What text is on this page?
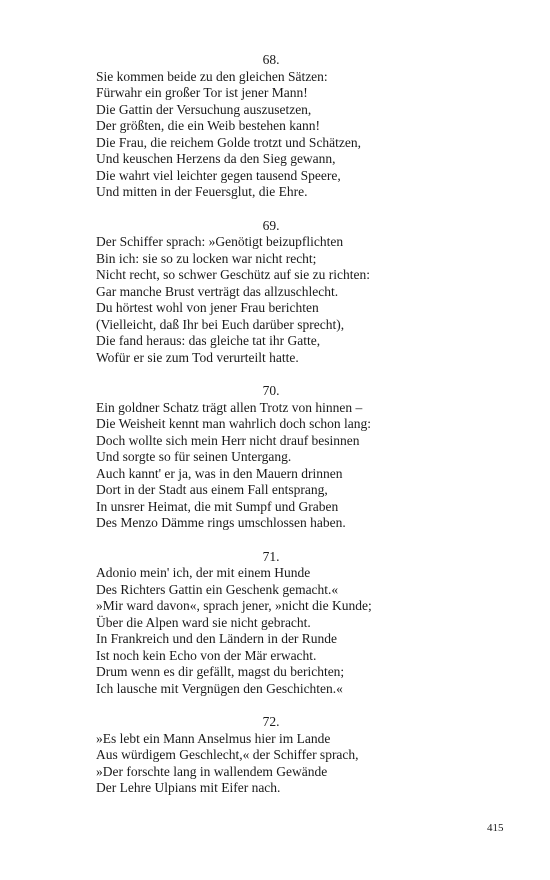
68.
Sie kommen beide zu den gleichen Sätzen:
Fürwahr ein großer Tor ist jener Mann!
Die Gattin der Versuchung auszusetzen,
Der größten, die ein Weib bestehen kann!
Die Frau, die reichem Golde trotzt und Schätzen,
Und keuschen Herzens da den Sieg gewann,
Die wahrt viel leichter gegen tausend Speere,
Und mitten in der Feuersglut, die Ehre.
69.
Der Schiffer sprach: »Genötigt beizupflichten
Bin ich: sie so zu locken war nicht recht;
Nicht recht, so schwer Geschütz auf sie zu richten:
Gar manche Brust verträgt das allzuschlecht.
Du hörtest wohl von jener Frau berichten
(Vielleicht, daß Ihr bei Euch darüber sprecht),
Die fand heraus: das gleiche tat ihr Gatte,
Wofür er sie zum Tod verurteilt hatte.
70.
Ein goldner Schatz trägt allen Trotz von hinnen –
Die Weisheit kennt man wahrlich doch schon lang:
Doch wollte sich mein Herr nicht drauf besinnen
Und sorgte so für seinen Untergang.
Auch kannt' er ja, was in den Mauern drinnen
Dort in der Stadt aus einem Fall entsprang,
In unsrer Heimat, die mit Sumpf und Graben
Des Menzo Dämme rings umschlossen haben.
71.
Adonio mein' ich, der mit einem Hunde
Des Richters Gattin ein Geschenk gemacht.«
»Mir ward davon«, sprach jener, »nicht die Kunde;
Über die Alpen ward sie nicht gebracht.
In Frankreich und den Ländern in der Runde
Ist noch kein Echo von der Mär erwacht.
Drum wenn es dir gefällt, magst du berichten;
Ich lausche mit Vergnügen den Geschichten.«
72.
»Es lebt ein Mann Anselmus hier im Lande
Aus würdigem Geschlecht,« der Schiffer sprach,
»Der forschte lang in wallendem Gewände
Der Lehre Ulpians mit Eifer nach.
415
